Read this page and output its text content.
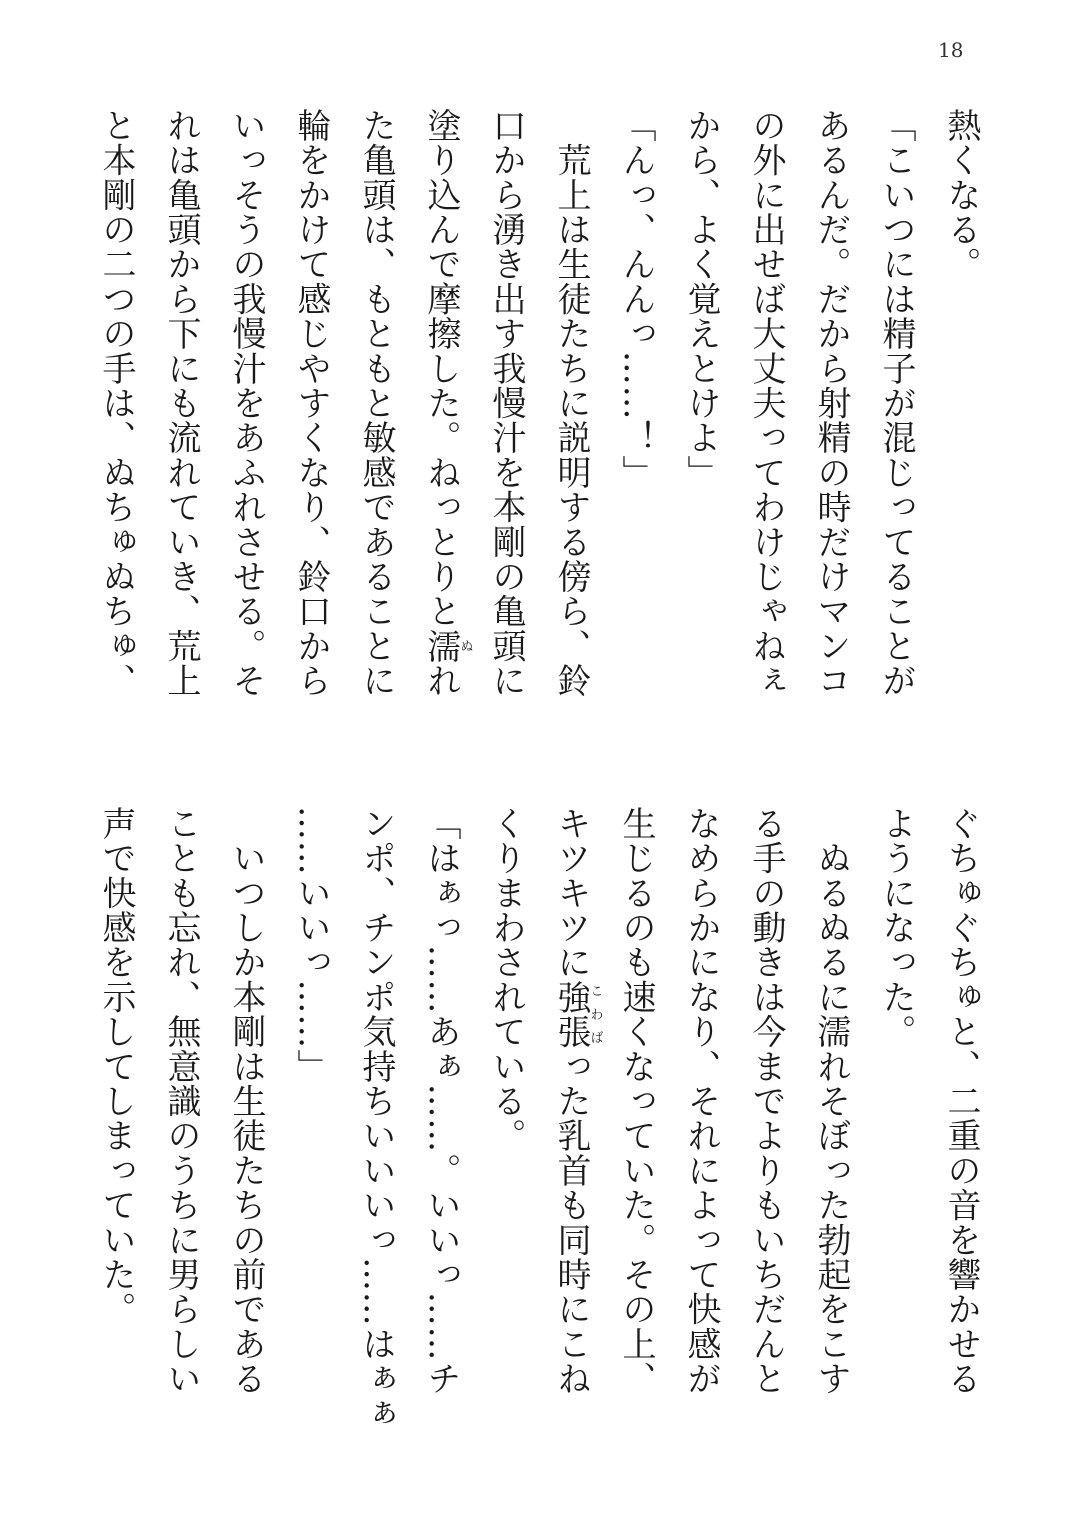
18
熱くなる。
「こいつには精子が混じってることが
あるんだ。だから射精の時だけマンコ
の外に出せば大丈夫ってわけじゃねぇ
から、よく覚えとけよ」
「んっ、んんっ……！」
　荒上は生徒たちに説明する傍ら、鈴
口から湧き出す我慢汁を本剛の亀頭に
塗り込んで摩擦した。ねっとりと濡ぬれ
た亀頭は、もともと敏感であることに
輪をかけて感じやすくなり、鈴口から
いっそうの我慢汁をあふれさせる。そ
れは亀頭から下にも流れていき、荒上
と本剛の二つの手は、ぬちゅぬちゅ、
ぐちゅぐちゅと、二重の音を響かせる
ようになった。
　ぬるぬるに濡れそぼった勃起をこす
る手の動きは今までよりもいちだんと
なめらかになり、それによって快感が
生じるのも速くなっていた。その上、
キツキツに強張こわばった乳首も同時にこね
くりまわされている。
「はぁっ……あぁ……。いいっ……チ
ンポ、チンポ気持ちいいいっ……はぁぁ
……いいっ……」
　いつしか本剛は生徒たちの前である
ことも忘れ、無意識のうちに男らしい
声で快感を示してしまっていた。
